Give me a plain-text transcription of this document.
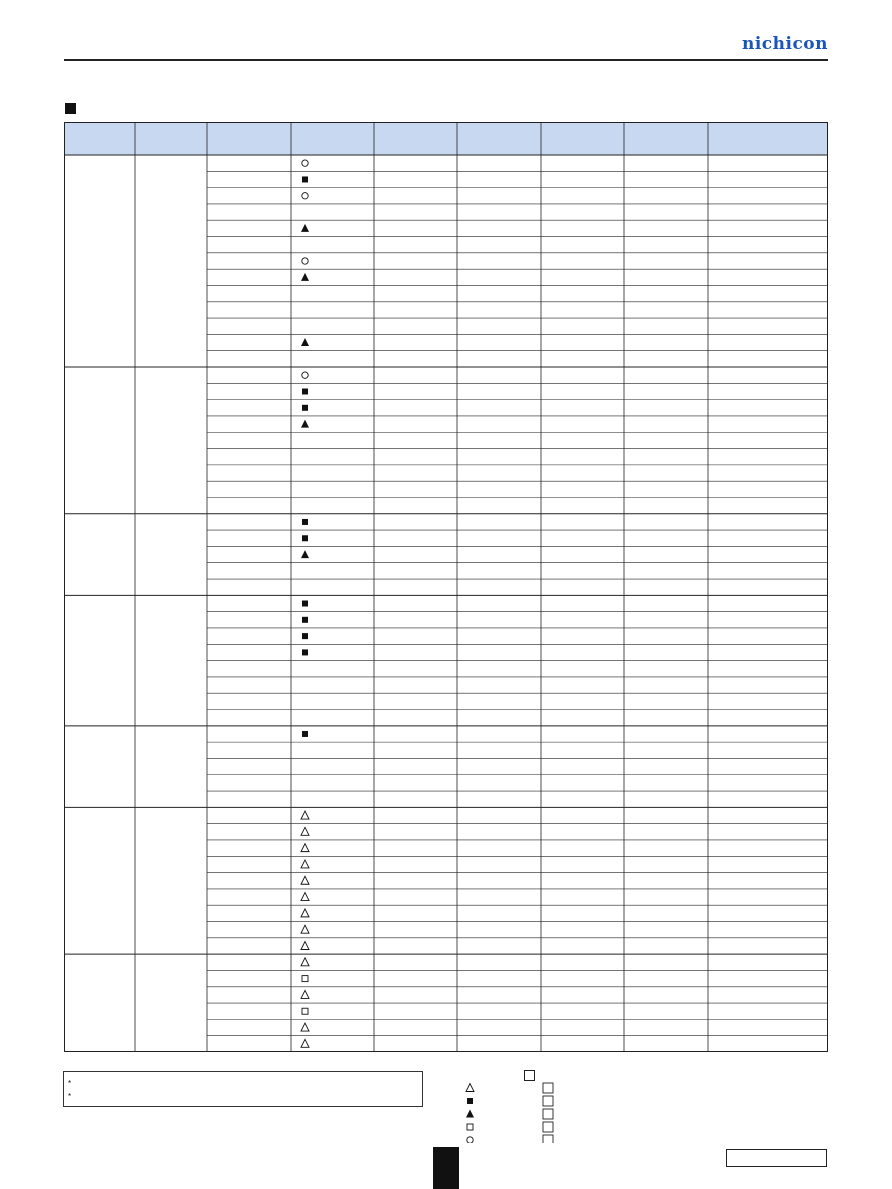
nichicon
*
*
